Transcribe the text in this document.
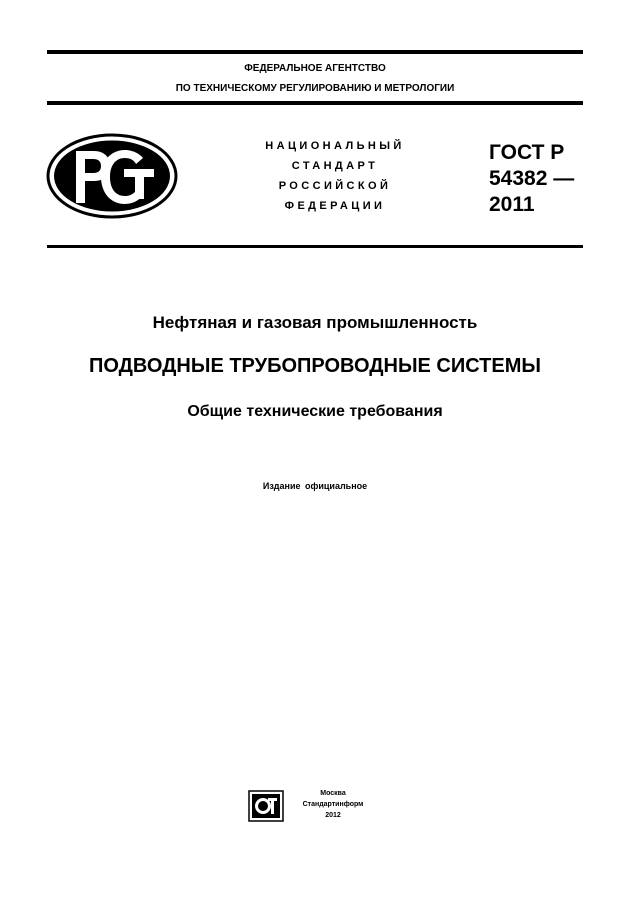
ФЕДЕРАЛЬНОЕ АГЕНТСТВО
ПО ТЕХНИЧЕСКОМУ РЕГУЛИРОВАНИЮ И МЕТРОЛОГИИ
НАЦИОНАЛЬНЫЙ
СТАНДАРТ
РОССИЙСКОЙ
ФЕДЕРАЦИИ
ГОСТ Р
54382 —
2011
Нефтяная и газовая промышленность
ПОДВОДНЫЕ ТРУБОПРОВОДНЫЕ СИСТЕМЫ
Общие технические требования
Издание официальное
Москва
Стандартинформ
2012
